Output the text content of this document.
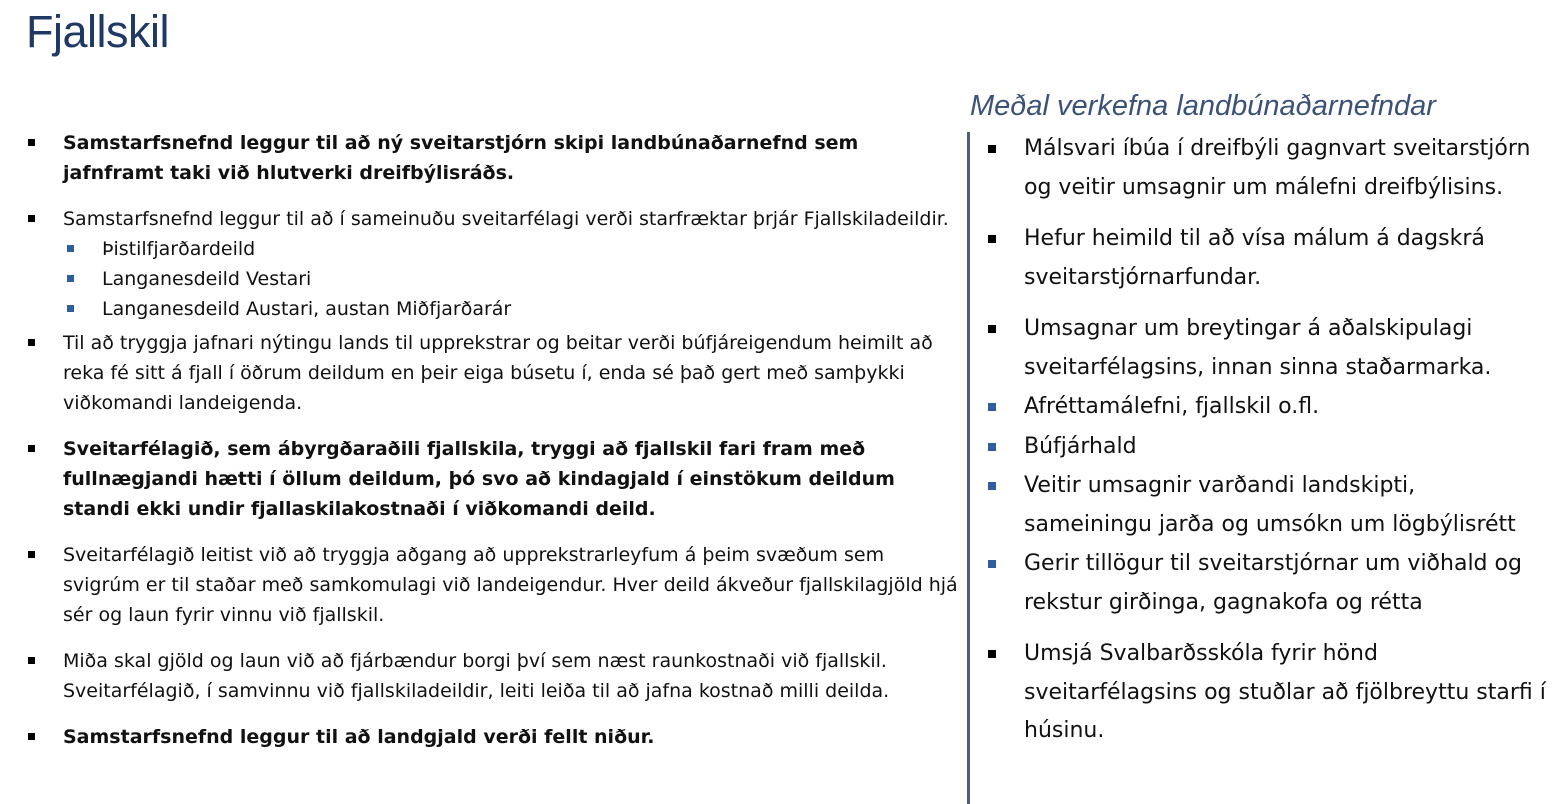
Fjallskil
Samstarfsnefnd leggur til að ný sveitarstjórn skipi landbúnaðarnefnd sem jafnframt taki við hlutverki dreifbýlisráðs.
Samstarfsnefnd leggur til að í sameinuðu sveitarfélagi verði starfræktar þrjár Fjallskiladeildir.
Þistilfjarðardeild
Langanesdeild Vestari
Langanesdeild Austari, austan Miðfjarðarár
Til að tryggja jafnari nýtingu lands til upprekstrar og beitar verði búfjáreigendum heimilt að reka fé sitt á fjall í öðrum deildum en þeir eiga búsetu í, enda sé það gert með samþykki viðkomandi landeigenda.
Sveitarfélagið, sem ábyrgðaraðili fjallskila, tryggi að fjallskil fari fram með fullnægjandi hætti í öllum deildum, þó svo að kindagjald í einstökum deildum standi ekki undir fjallaskilakostnaði í viðkomandi deild.
Sveitarfélagið leitist við að tryggja aðgang að upprekstrarleyfum á þeim svæðum sem svigrúm er til staðar með samkomulagi við landeigendur. Hver deild ákveður fjallskilagjöld hjá sér og laun fyrir vinnu við fjallskil.
Miða skal gjöld og laun við að fjárbændur borgi því sem næst raunkostnaði við fjallskil. Sveitarfélagið, í samvinnu við fjallskiladeildir, leiti leiða til að jafna kostnað milli deilda.
Samstarfsnefnd leggur til að landgjald verði fellt niður.
Meðal verkefna landbúnaðarnefndar
Málsvari íbúa í dreifbýli gagnvart sveitarstjórn og veitir umsagnir um málefni dreifbýlisins.
Hefur heimild til að vísa málum á dagskrá sveitarstjórnarfundar.
Umsagnar um breytingar á aðalskipulagi sveitarfélagsins, innan sinna staðarmarka.
Afréttamálefni, fjallskil o.fl.
Búfjárhald
Veitir umsagnir varðandi landskipti, sameiningu jarða og umsókn um lögbýlisrétt
Gerir tillögur til sveitarstjórnar um viðhald og rekstur girðinga, gagnakofa og rétta
Umsjá Svalbarðsskóla fyrir hönd sveitarfélagsins og stuðlar að fjölbreyttu starfi í húsinu.
